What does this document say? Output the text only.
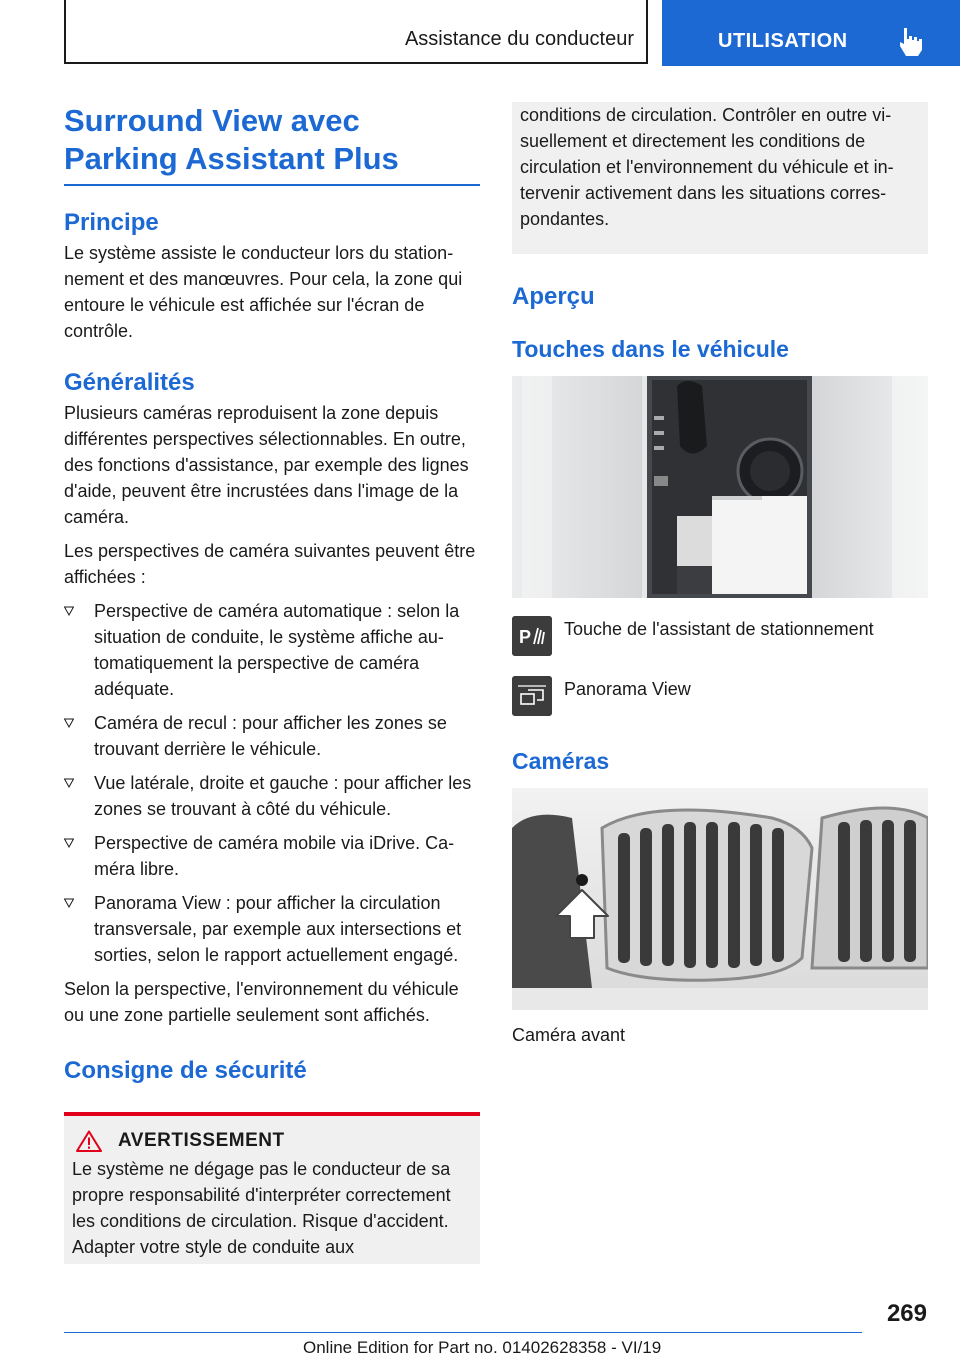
Assistance du conducteur	UTILISATION
Surround View avec Parking Assistant Plus
Principe

Le système assiste le conducteur lors du stationnement et des manœuvres. Pour cela, la zone qui entoure le véhicule est affichée sur l'écran de contrôle.

Généralités

Plusieurs caméras reproduisent la zone depuis différentes perspectives sélectionnables. En outre, des fonctions d'assistance, par exemple des lignes d'aide, peuvent être incrustées dans l'image de la caméra.

Les perspectives de caméra suivantes peuvent être affichées :

Perspective de caméra automatique : selon la situation de conduite, le système affiche automatiquement la perspective de caméra adéquate.
Caméra de recul : pour afficher les zones se trouvant derrière le véhicule.
Vue latérale, droite et gauche : pour afficher les zones se trouvant à côté du véhicule.
Perspective de caméra mobile via iDrive. Caméra libre.
Panorama View : pour afficher la circulation transversale, par exemple aux intersections et sorties, selon le rapport actuellement engagé.

Selon la perspective, l'environnement du véhicule ou une zone partielle seulement sont affichés.

Consigne de sécurité
AVERTISSEMENT
Le système ne dégage pas le conducteur de sa propre responsabilité d'interpréter correctement les conditions de circulation. Risque d'accident. Adapter votre style de conduite aux
conditions de circulation. Contrôler en outre visuellement et directement les conditions de circulation et l'environnement du véhicule et intervenir activement dans les situations correspondantes.
Aperçu
Touches dans le véhicule
P Touche de l'assistant de stationnement
Panorama View
Caméras

Caméra avant

269
Online Edition for Part no. 01402628358 - VI/19
